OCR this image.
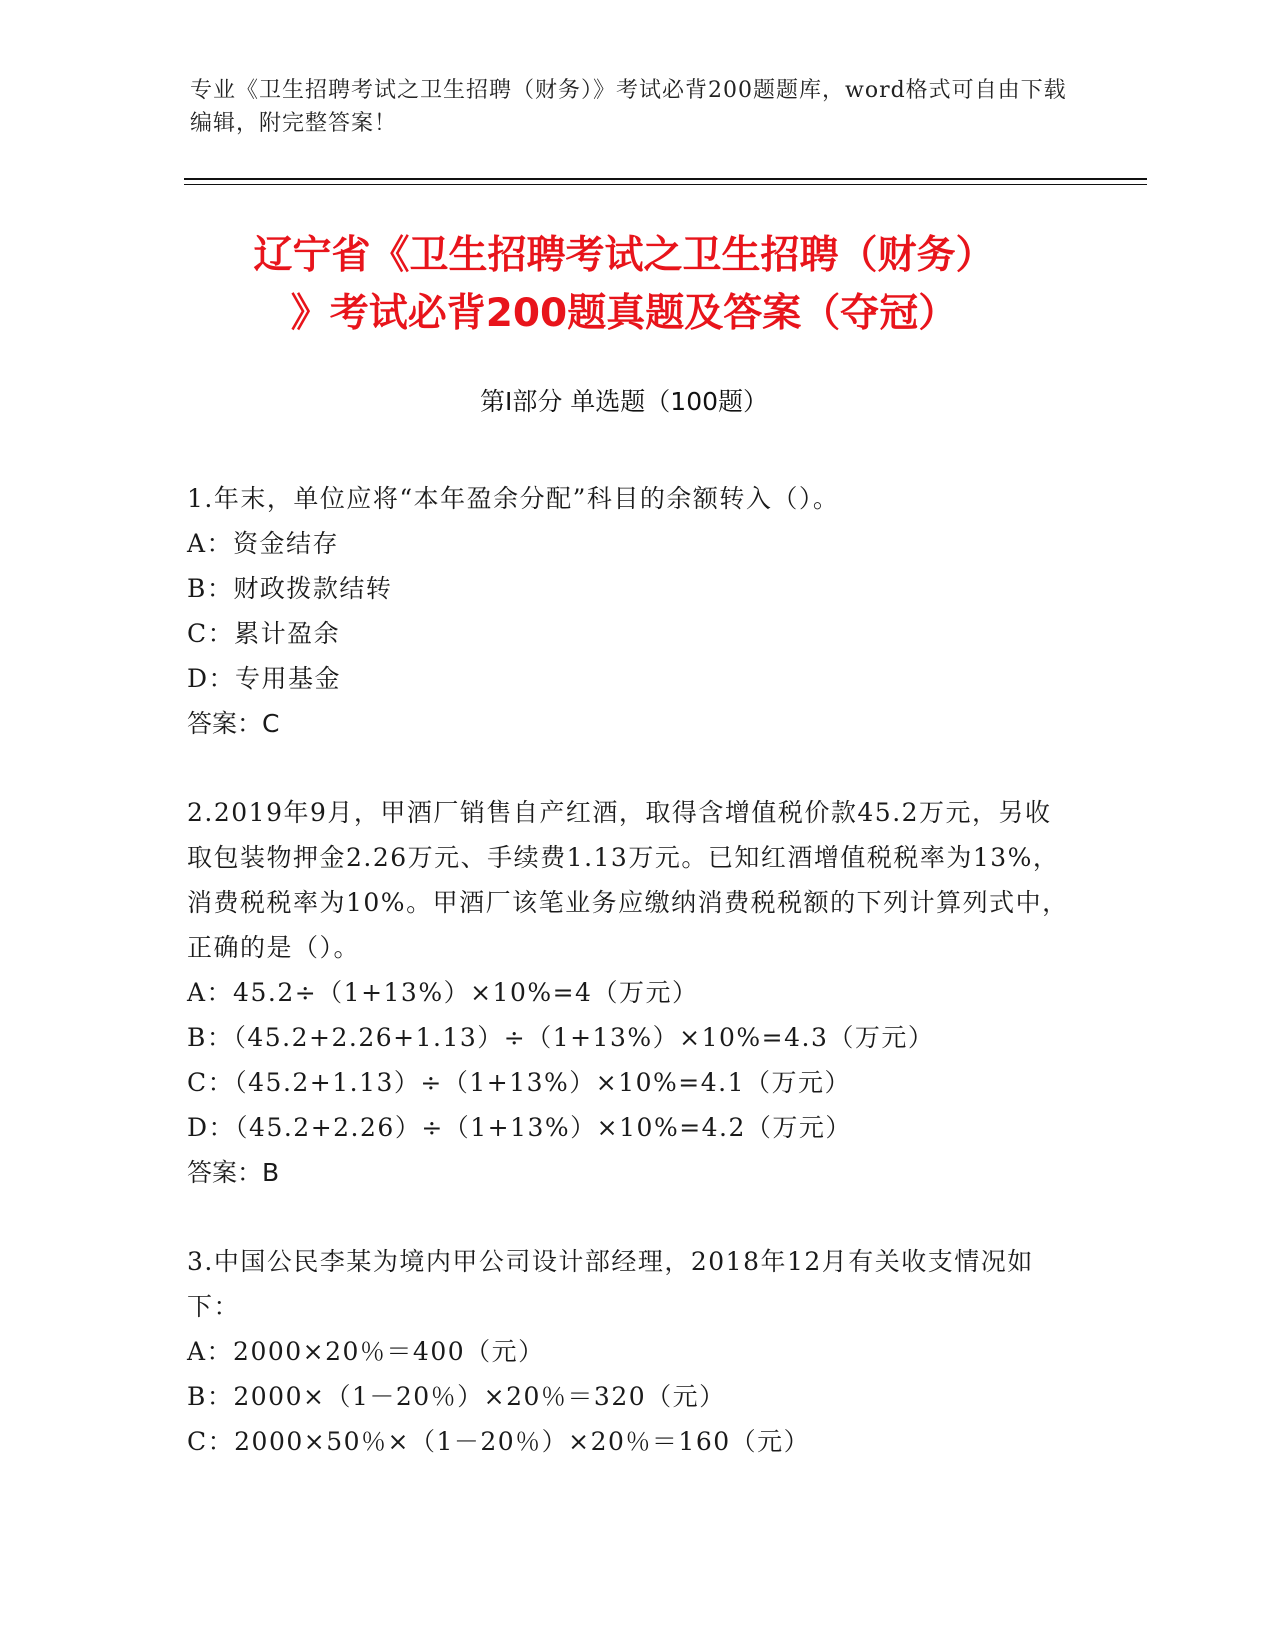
专业《卫生招聘考试之卫生招聘（财务）》考试必背200题题库，word格式可自由下载编辑，附完整答案！
辽宁省《卫生招聘考试之卫生招聘（财务）
》考试必背200题真题及答案（夺冠）
第Ⅰ部分 单选题（100题）

1.年末，单位应将“本年盈余分配”科目的余额转入（）。

A：资金结存

B：财政拨款结转

C：累计盈余

D：专用基金

答案：C

2.2019年9月，甲酒厂销售自产红酒，取得含增值税价款45.2万元，另收取包装物押金2.26万元、手续费1.13万元。已知红酒增值税税率为13%，消费税税率为10%。甲酒厂该笔业务应缴纳消费税税额的下列计算列式中，正确的是（）。

A：45.2÷（1+13%）×10%=4（万元）

B：（45.2+2.26+1.13）÷（1+13%）×10%=4.3（万元）

C：（45.2+1.13）÷（1+13%）×10%=4.1（万元）

D：（45.2+2.26）÷（1+13%）×10%=4.2（万元）

答案：B

3.中国公民李某为境内甲公司设计部经理，2018年12月有关收支情况如下：

A：2000×20％＝400（元）

B：2000×（1－20％）×20％＝320（元）

C：2000×50％×（1－20％）×20％＝160（元）
